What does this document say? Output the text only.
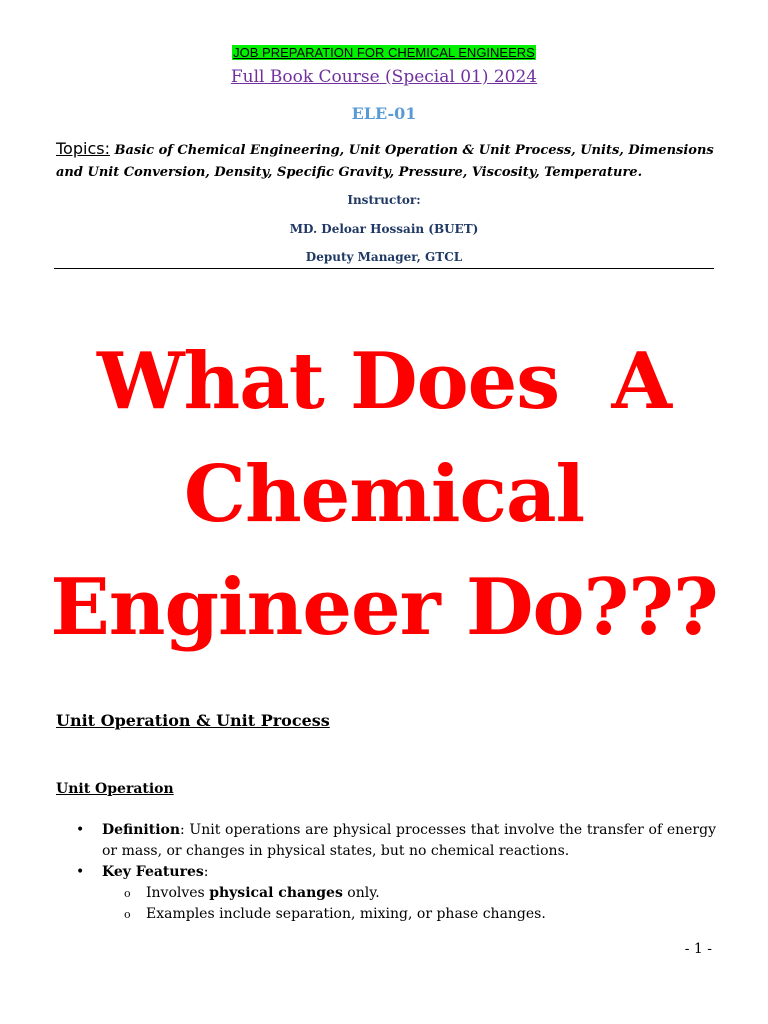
JOB PREPARATION FOR CHEMICAL ENGINEERS
Full Book Course (Special 01) 2024
ELE-01
Topics: Basic of Chemical Engineering, Unit Operation & Unit Process, Units, Dimensions and Unit Conversion, Density, Specific Gravity, Pressure, Viscosity, Temperature.
Instructor:
MD. Deloar Hossain (BUET)
Deputy Manager, GTCL
What Does  A
Chemical
Engineer Do???
Unit Operation & Unit Process
Unit Operation
• Definition: Unit operations are physical processes that involve the transfer of energy or mass, or changes in physical states, but no chemical reactions.
• Key Features:
o Involves physical changes only.
o Examples include separation, mixing, or phase changes.
- 1 -
